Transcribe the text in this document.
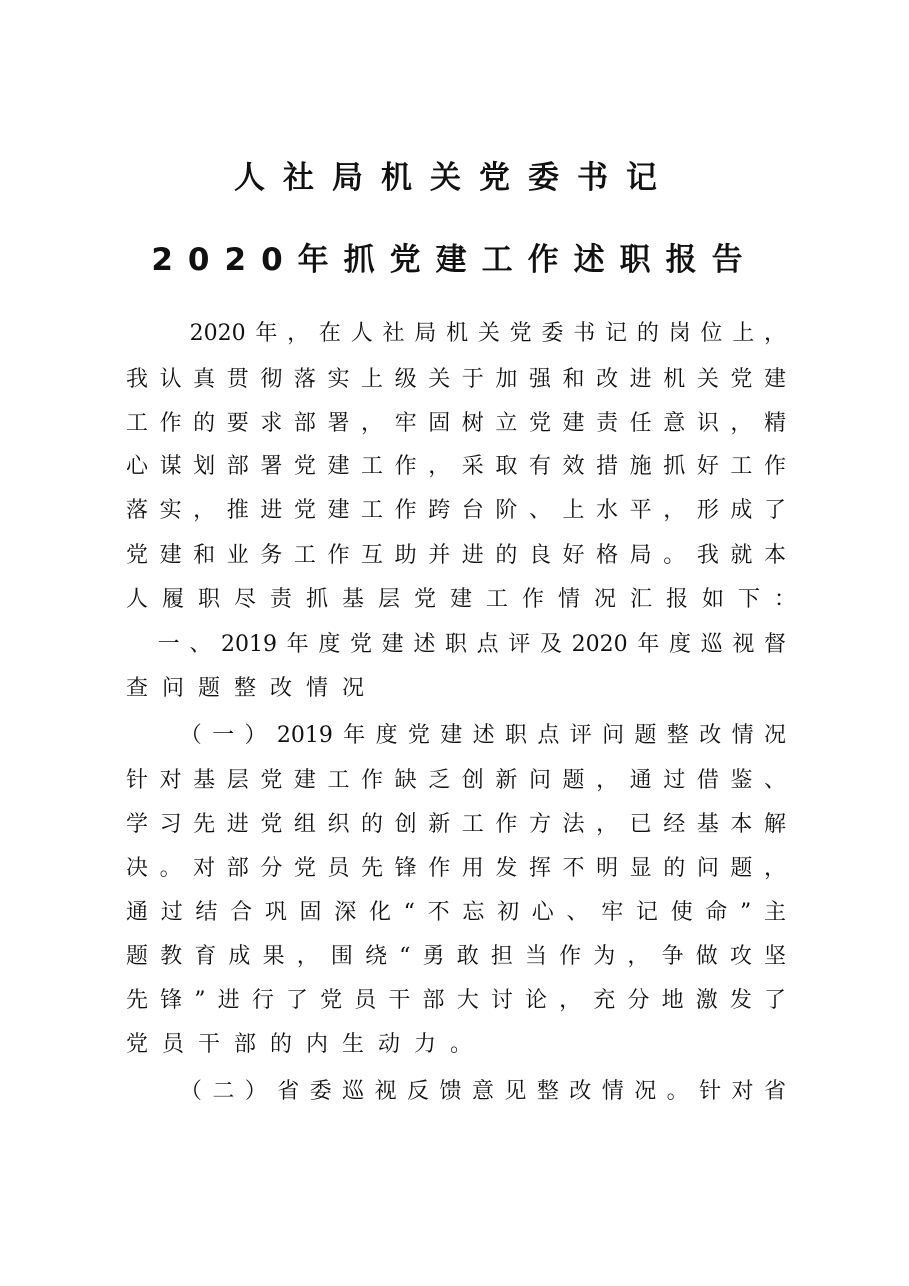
人社局机关党委书记
2020年抓党建工作述职报告
　　2020年，在人社局机关党委书记的岗位上，
我认真贯彻落实上级关于加强和改进机关党建
工作的要求部署，牢固树立党建责任意识，精
心谋划部署党建工作，采取有效措施抓好工作
落实，推进党建工作跨台阶、上水平，形成了
党建和业务工作互助并进的良好格局。我就本
人履职尽责抓基层党建工作情况汇报如下：
　一、2019年度党建述职点评及2020年度巡视督
查问题整改情况
　　（一）2019年度党建述职点评问题整改情况
针对基层党建工作缺乏创新问题，通过借鉴、
学习先进党组织的创新工作方法，已经基本解
决。对部分党员先锋作用发挥不明显的问题，
通过结合巩固深化“不忘初心、牢记使命”主
题教育成果，围绕“勇敢担当作为，争做攻坚
先锋”进行了党员干部大讨论，充分地激发了
党员干部的内生动力。
　　（二）省委巡视反馈意见整改情况。针对省
